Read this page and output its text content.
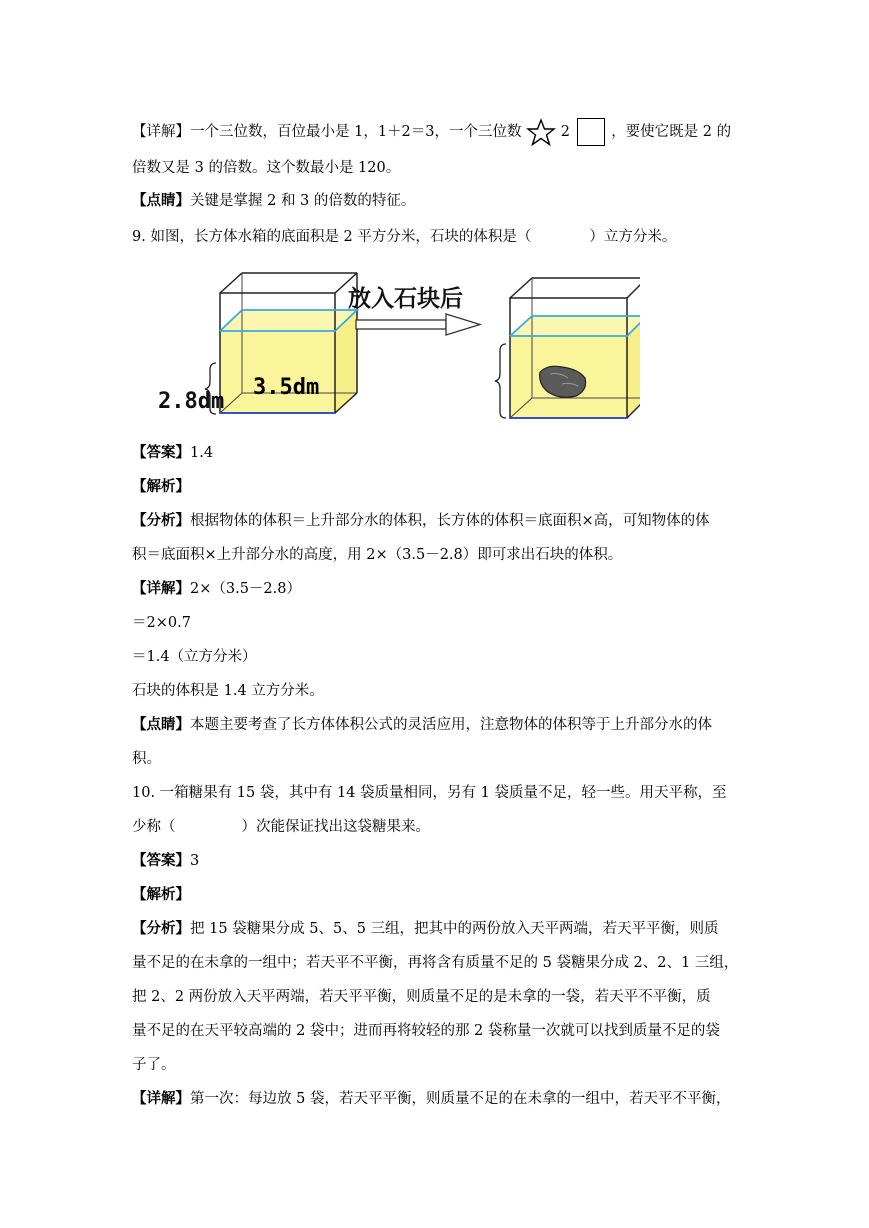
【详解】一个三位数，百位最小是 1，1＋2＝3，一个三位数	2	，要使它既是 2 的
倍数又是 3 的倍数。这个数最小是 120。
【点睛】关键是掌握 2 和 3 的倍数的特征。
9. 如图，长方体水箱的底面积是 2 平方分米，石块的体积是（	）立方分米。
2.8dm
放入石块后
3.5dm
【答案】1.4
【解析】
【分析】根据物体的体积＝上升部分水的体积，长方体的体积＝底面积×高，可知物体的体
积＝底面积×上升部分水的高度，用 2×（3.5－2.8）即可求出石块的体积。
【详解】2×（3.5－2.8）
＝2×0.7
＝1.4（立方分米）
石块的体积是 1.4 立方分米。
【点睛】本题主要考查了长方体体积公式的灵活应用，注意物体的体积等于上升部分水的体
积。
10. 一箱糖果有 15 袋，其中有 14 袋质量相同，另有 1 袋质量不足，轻一些。用天平称，至
少称（	）次能保证找出这袋糖果来。
【答案】3
【解析】
【分析】把 15 袋糖果分成 5、5、5 三组，把其中的两份放入天平两端，若天平平衡，则质
量不足的在未拿的一组中；若天平不平衡，再将含有质量不足的 5 袋糖果分成 2、2、1 三组，
把 2、2 两份放入天平两端，若天平平衡，则质量不足的是未拿的一袋，若天平不平衡，质
量不足的在天平较高端的 2 袋中；进而再将较轻的那 2 袋称量一次就可以找到质量不足的袋
子了。
【详解】第一次：每边放 5 袋，若天平平衡，则质量不足的在未拿的一组中，若天平不平衡，
